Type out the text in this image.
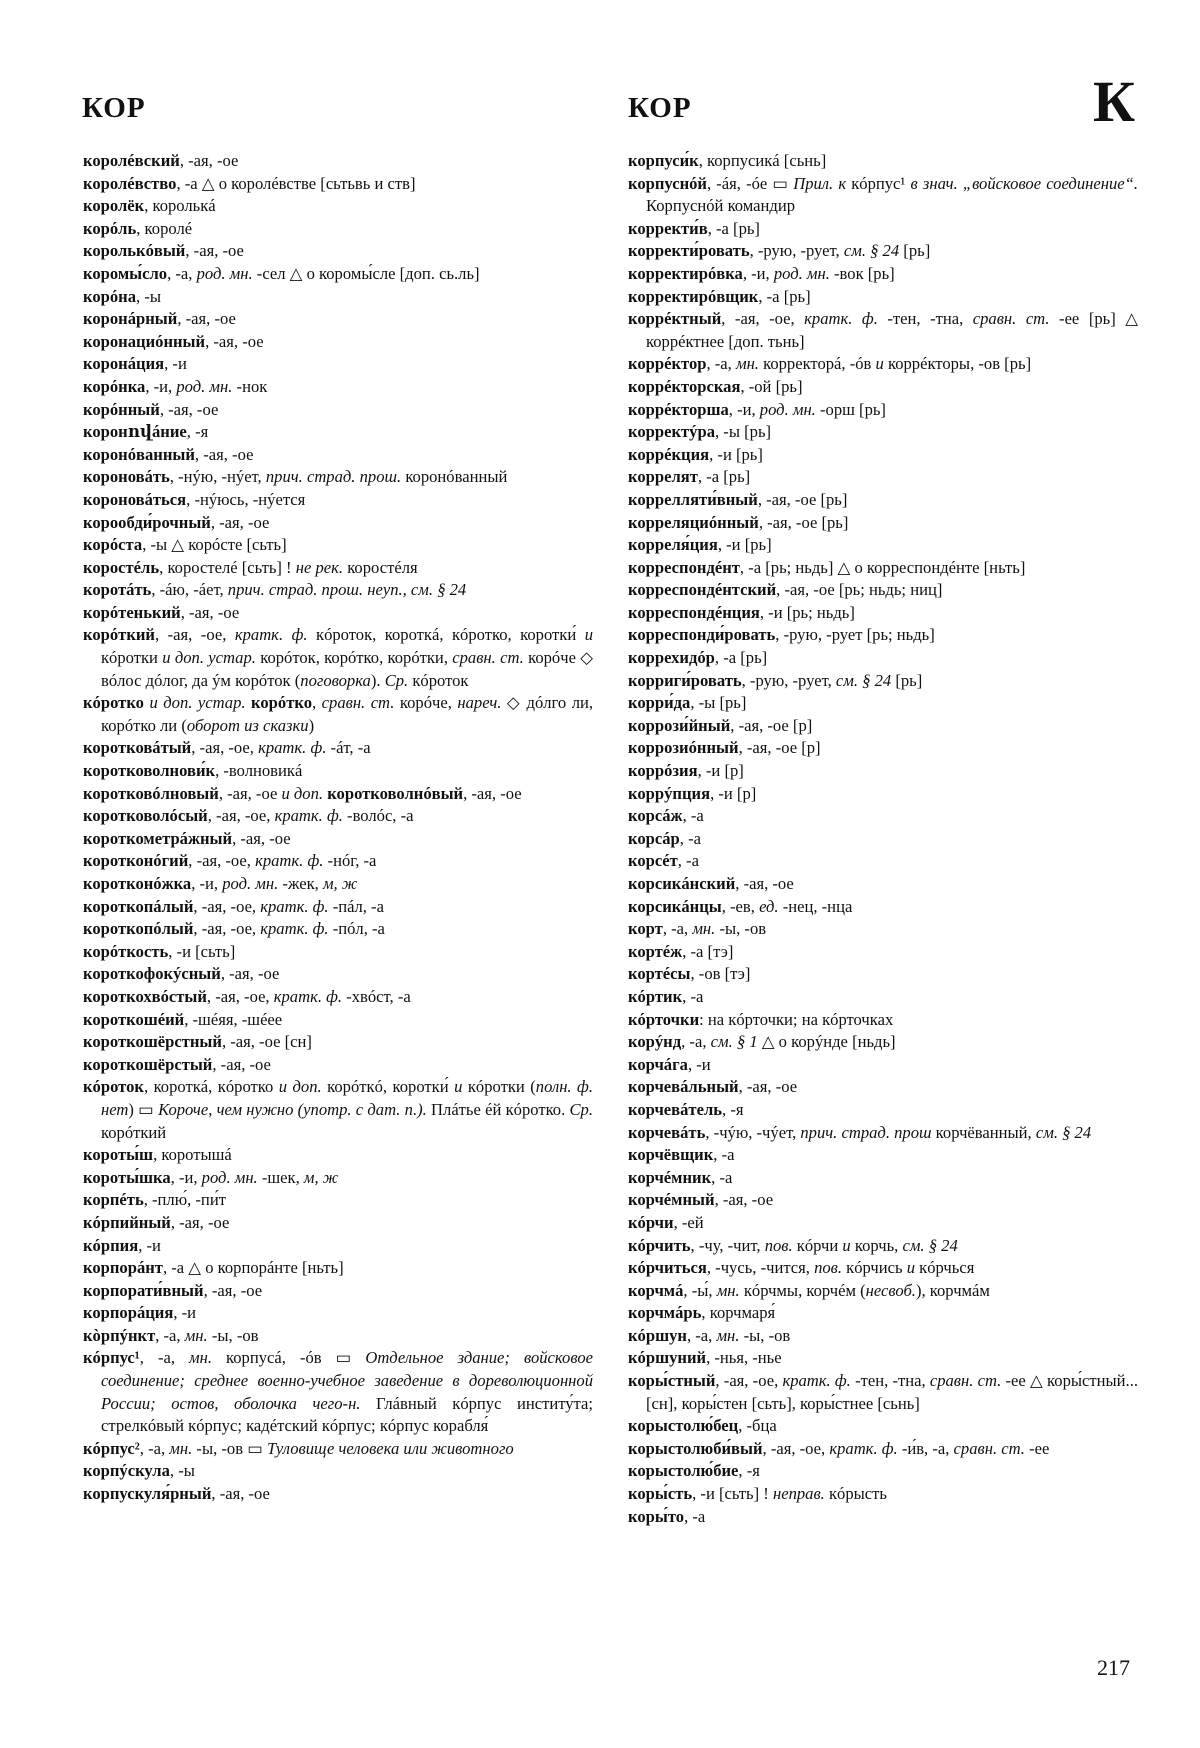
КОР	КОР	К

королéвский, -ая, -ое

королéвство, -а △ о королéвстве [сьтьвь и ств]

королёк, королькá

корóль, королé

королькóвый, -ая, -ое

коромы́сло, -а, род. мн. -сел △ о коромы́сле [доп. сь.ль]

корóна, -ы

коронáрный, -ая, -ое

коронациóнный, -ая, -ое

коронáция, -и

корóнка, -и, род. мн. -нок

корóнный, -ая, -ое

коронովáние, -я

коронóванный, -ая, -ое

короновáть, -нýю, -нýет, прич. страд. прош. коронóванный

короновáться, -нýюсь, -нýется

корообди́рочный, -ая, -ое

корóста, -ы △ корóсте [сьть]

коростéль, коростелé [сьть] ! не рек. коростéля

коротáть, -áю, -áет, прич. страд. прош. неуп., см. § 24

корóтенький, -ая, -ое

корóткий, -ая, -ое, кратк. ф. кóроток, короткá, кóротко, коротки́ и кóротки и доп. устар. корóток, корóтко, корóтки, сравн. ст. корóче ◇ вóлос дóлог, да ýм корóток (поговорка). Ср. кóроток

кóротко и доп. устар. корóтко, сравн. ст. корóче, нареч. ◇ дóлго ли, корóтко ли (оборот из сказки)

коротковáтый, -ая, -ое, кратк. ф. -áт, -а

коротковолнови́к, -волновикá

коротковóлновый, -ая, -ое и доп. коротковолнóвый, -ая, -ое

коротковолóсый, -ая, -ое, кратк. ф. -волóс, -а

короткометрáжный, -ая, -ое

коротконóгий, -ая, -ое, кратк. ф. -нóг, -а

коротконóжка, -и, род. мн. -жек, м, ж

короткопáлый, -ая, -ое, кратк. ф. -пáл, -а

короткопóлый, -ая, -ое, кратк. ф. -пóл, -а

корóткость, -и [сьть]

короткофокýсный, -ая, -ое

короткохвóстый, -ая, -ое, кратк. ф. -хвóст, -а

короткошéий, -шéяя, -шéее

короткошёрстный, -ая, -ое [сн]

короткошёрстый, -ая, -ое

кóроток, короткá, кóротко и доп. корóткó, коротки́ и кóротки (полн. ф. нет) ▭ Короче, чем нужно (употр. с дат. п.). Плáтье éй кóротко. Ср. корóткий

короты́ш, коротышá

короты́шка, -и, род. мн. -шек, м, ж

корпéть, -плю́, -пи́т

кóрпийный, -ая, -ое

кóрпия, -и

корпорáнт, -а △ о корпорáнте [ньть]

корпорати́вный, -ая, -ое

корпорáция, -и

кòрпýнкт, -а, мн. -ы, -ов

кóрпус¹, -а, мн. корпусá, -óв ▭ Отдельное здание; войсковое соединение; среднее военно-учебное заведение в дореволюционной России; остов, оболочка чего-н. Глáвный кóрпус институ́та; стрелкóвый кóрпус; кадéтский кóрпус; кóрпус корабля́

кóрпус², -а, мн. -ы, -ов ▭ Туловище человека или животного

корпýскула, -ы

корпускуля́рный, -ая, -ое

корпуси́к, корпусикá [сьнь]

корпуснóй, -áя, -óе ▭ Прил. к кóрпус¹ в знач. „войсковое соединение“. Корпуснóй командир

корректи́в, -а [рь]

корректи́ровать, -рую, -рует, см. § 24 [рь]

корректирóвка, -и, род. мн. -вок [рь]

корректирóвщик, -а [рь]

коррéктный, -ая, -ое, кратк. ф. -тен, -тна, сравн. ст. -ее [рь] △ коррéктнее [доп. тьнь]

коррéктор, -а, мн. корректорá, -óв и коррéкторы, -ов [рь]

коррéкторская, -ой [рь]

коррéкторша, -и, род. мн. -орш [рь]

корректýра, -ы [рь]

коррéкция, -и [рь]

коррелят, -а [рь]

коррелляти́вный, -ая, -ое [рь]

корреляциóнный, -ая, -ое [рь]

корреля́ция, -и [рь]

корреспондéнт, -а [рь; ньдь] △ о корреспондéнте [ньть]

корреспондéнтский, -ая, -ое [рь; ньдь; ниц]

корреспондéнция, -и [рь; ньдь]

корреспонди́ровать, -рую, -рует [рь; ньдь]

коррехидóр, -а [рь]

корриги́ровать, -рую, -рует, см. § 24 [рь]

корри́да, -ы [рь]

коррози́йный, -ая, -ое [р]

коррозиóнный, -ая, -ое [р]

коррóзия, -и [р]

коррýпция, -и [р]

корсáж, -а

корсáр, -а

корсéт, -а

корсикáнский, -ая, -ое

корсикáнцы, -ев, ед. -нец, -нца

корт, -а, мн. -ы, -ов

кортéж, -а [тэ]

кортéсы, -ов [тэ]

кóртик, -а

кóрточки: на кóрточки; на кóрточках

корýнд, -а, см. § 1 △ о корýнде [ньдь]

корчáга, -и

корчевáльный, -ая, -ое

корчевáтель, -я

корчевáть, -чýю, -чýет, прич. страд. прош корчёванный, см. § 24

корчёвщик, -а

корчéмник, -а

корчéмный, -ая, -ое

кóрчи, -ей

кóрчить, -чу, -чит, пов. кóрчи и корчь, см. § 24

кóрчиться, -чусь, -чится, пов. кóрчись и кóрчься

корчмá, -ы́, мн. кóрчмы, корчéм (несвоб.), корчмáм

корчмáрь, корчмаря́

кóршун, -а, мн. -ы, -ов

кóршуний, -нья, -нье

коры́стный, -ая, -ое, кратк. ф. -тен, -тна, сравн. ст. -ее △ коры́стный... [сн], коры́стен [сьть], коры́стнее [сьнь]

корыстолю́бец, -бца

корыстолюби́вый, -ая, -ое, кратк. ф. -и́в, -а, сравн. ст. -ее

корыстолю́бие, -я

коры́сть, -и [сьть] ! неправ. кóрысть

коры́то, -а

217
